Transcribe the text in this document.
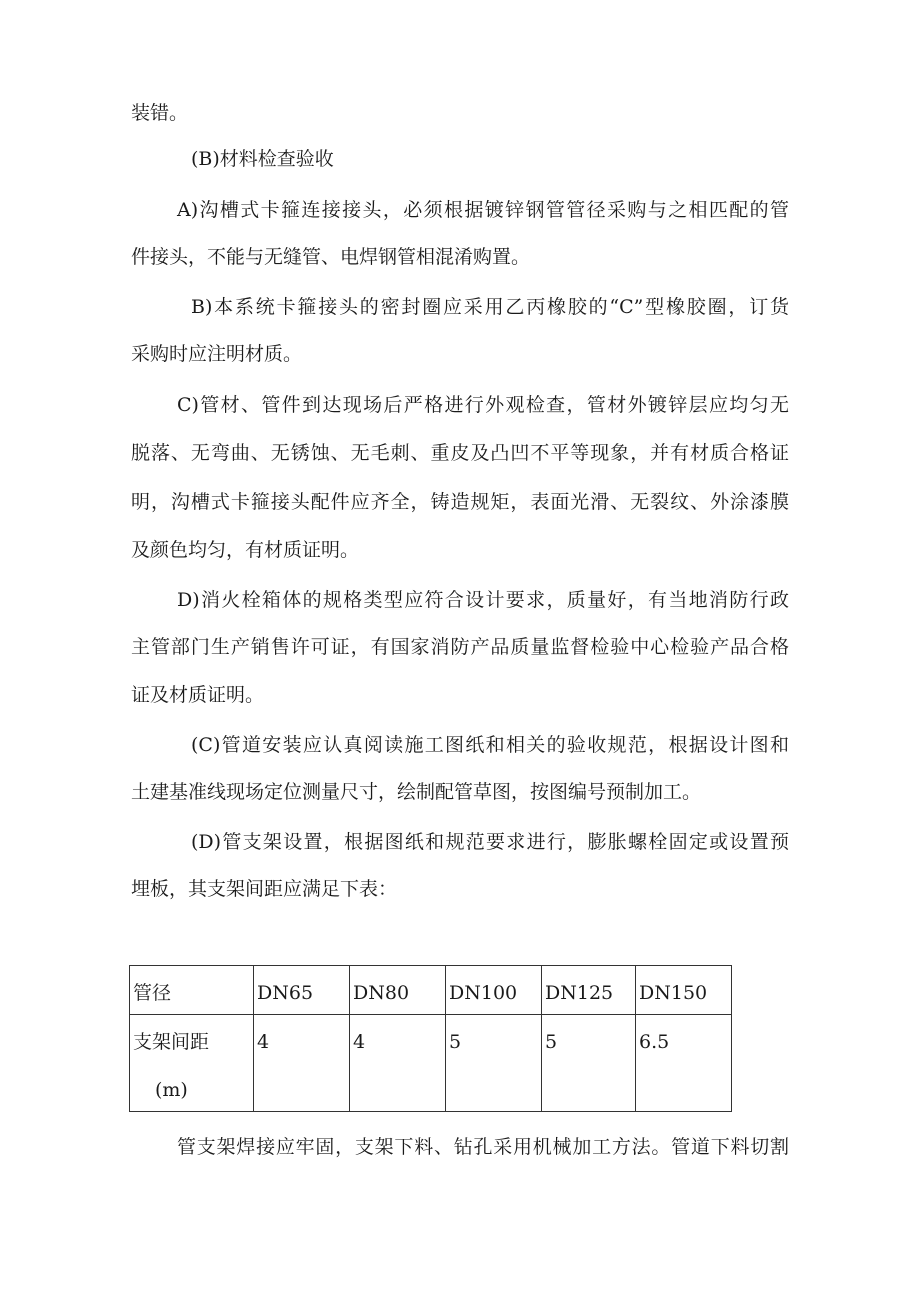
装错。
(B)材料检查验收
A)沟槽式卡箍连接接头，必须根据镀锌钢管管径采购与之相匹配的管
件接头，不能与无缝管、电焊钢管相混淆购置。
B)本系统卡箍接头的密封圈应采用乙丙橡胶的“C”型橡胶圈，订货
采购时应注明材质。
C)管材、管件到达现场后严格进行外观检查，管材外镀锌层应均匀无
脱落、无弯曲、无锈蚀、无毛刺、重皮及凸凹不平等现象，并有材质合格证
明，沟槽式卡箍接头配件应齐全，铸造规矩，表面光滑、无裂纹、外涂漆膜
及颜色均匀，有材质证明。
D)消火栓箱体的规格类型应符合设计要求，质量好，有当地消防行政
主管部门生产销售许可证，有国家消防产品质量监督检验中心检验产品合格
证及材质证明。
(C)管道安装应认真阅读施工图纸和相关的验收规范，根据设计图和
土建基准线现场定位测量尺寸，绘制配管草图，按图编号预制加工。
(D)管支架设置，根据图纸和规范要求进行，膨胀螺栓固定或设置预
埋板，其支架间距应满足下表：
管径	DN65	DN80	DN100	DN125	DN150
支架间距
(m)	4	4	5	5	6.5
管支架焊接应牢固，支架下料、钻孔采用机械加工方法。管道下料切割
